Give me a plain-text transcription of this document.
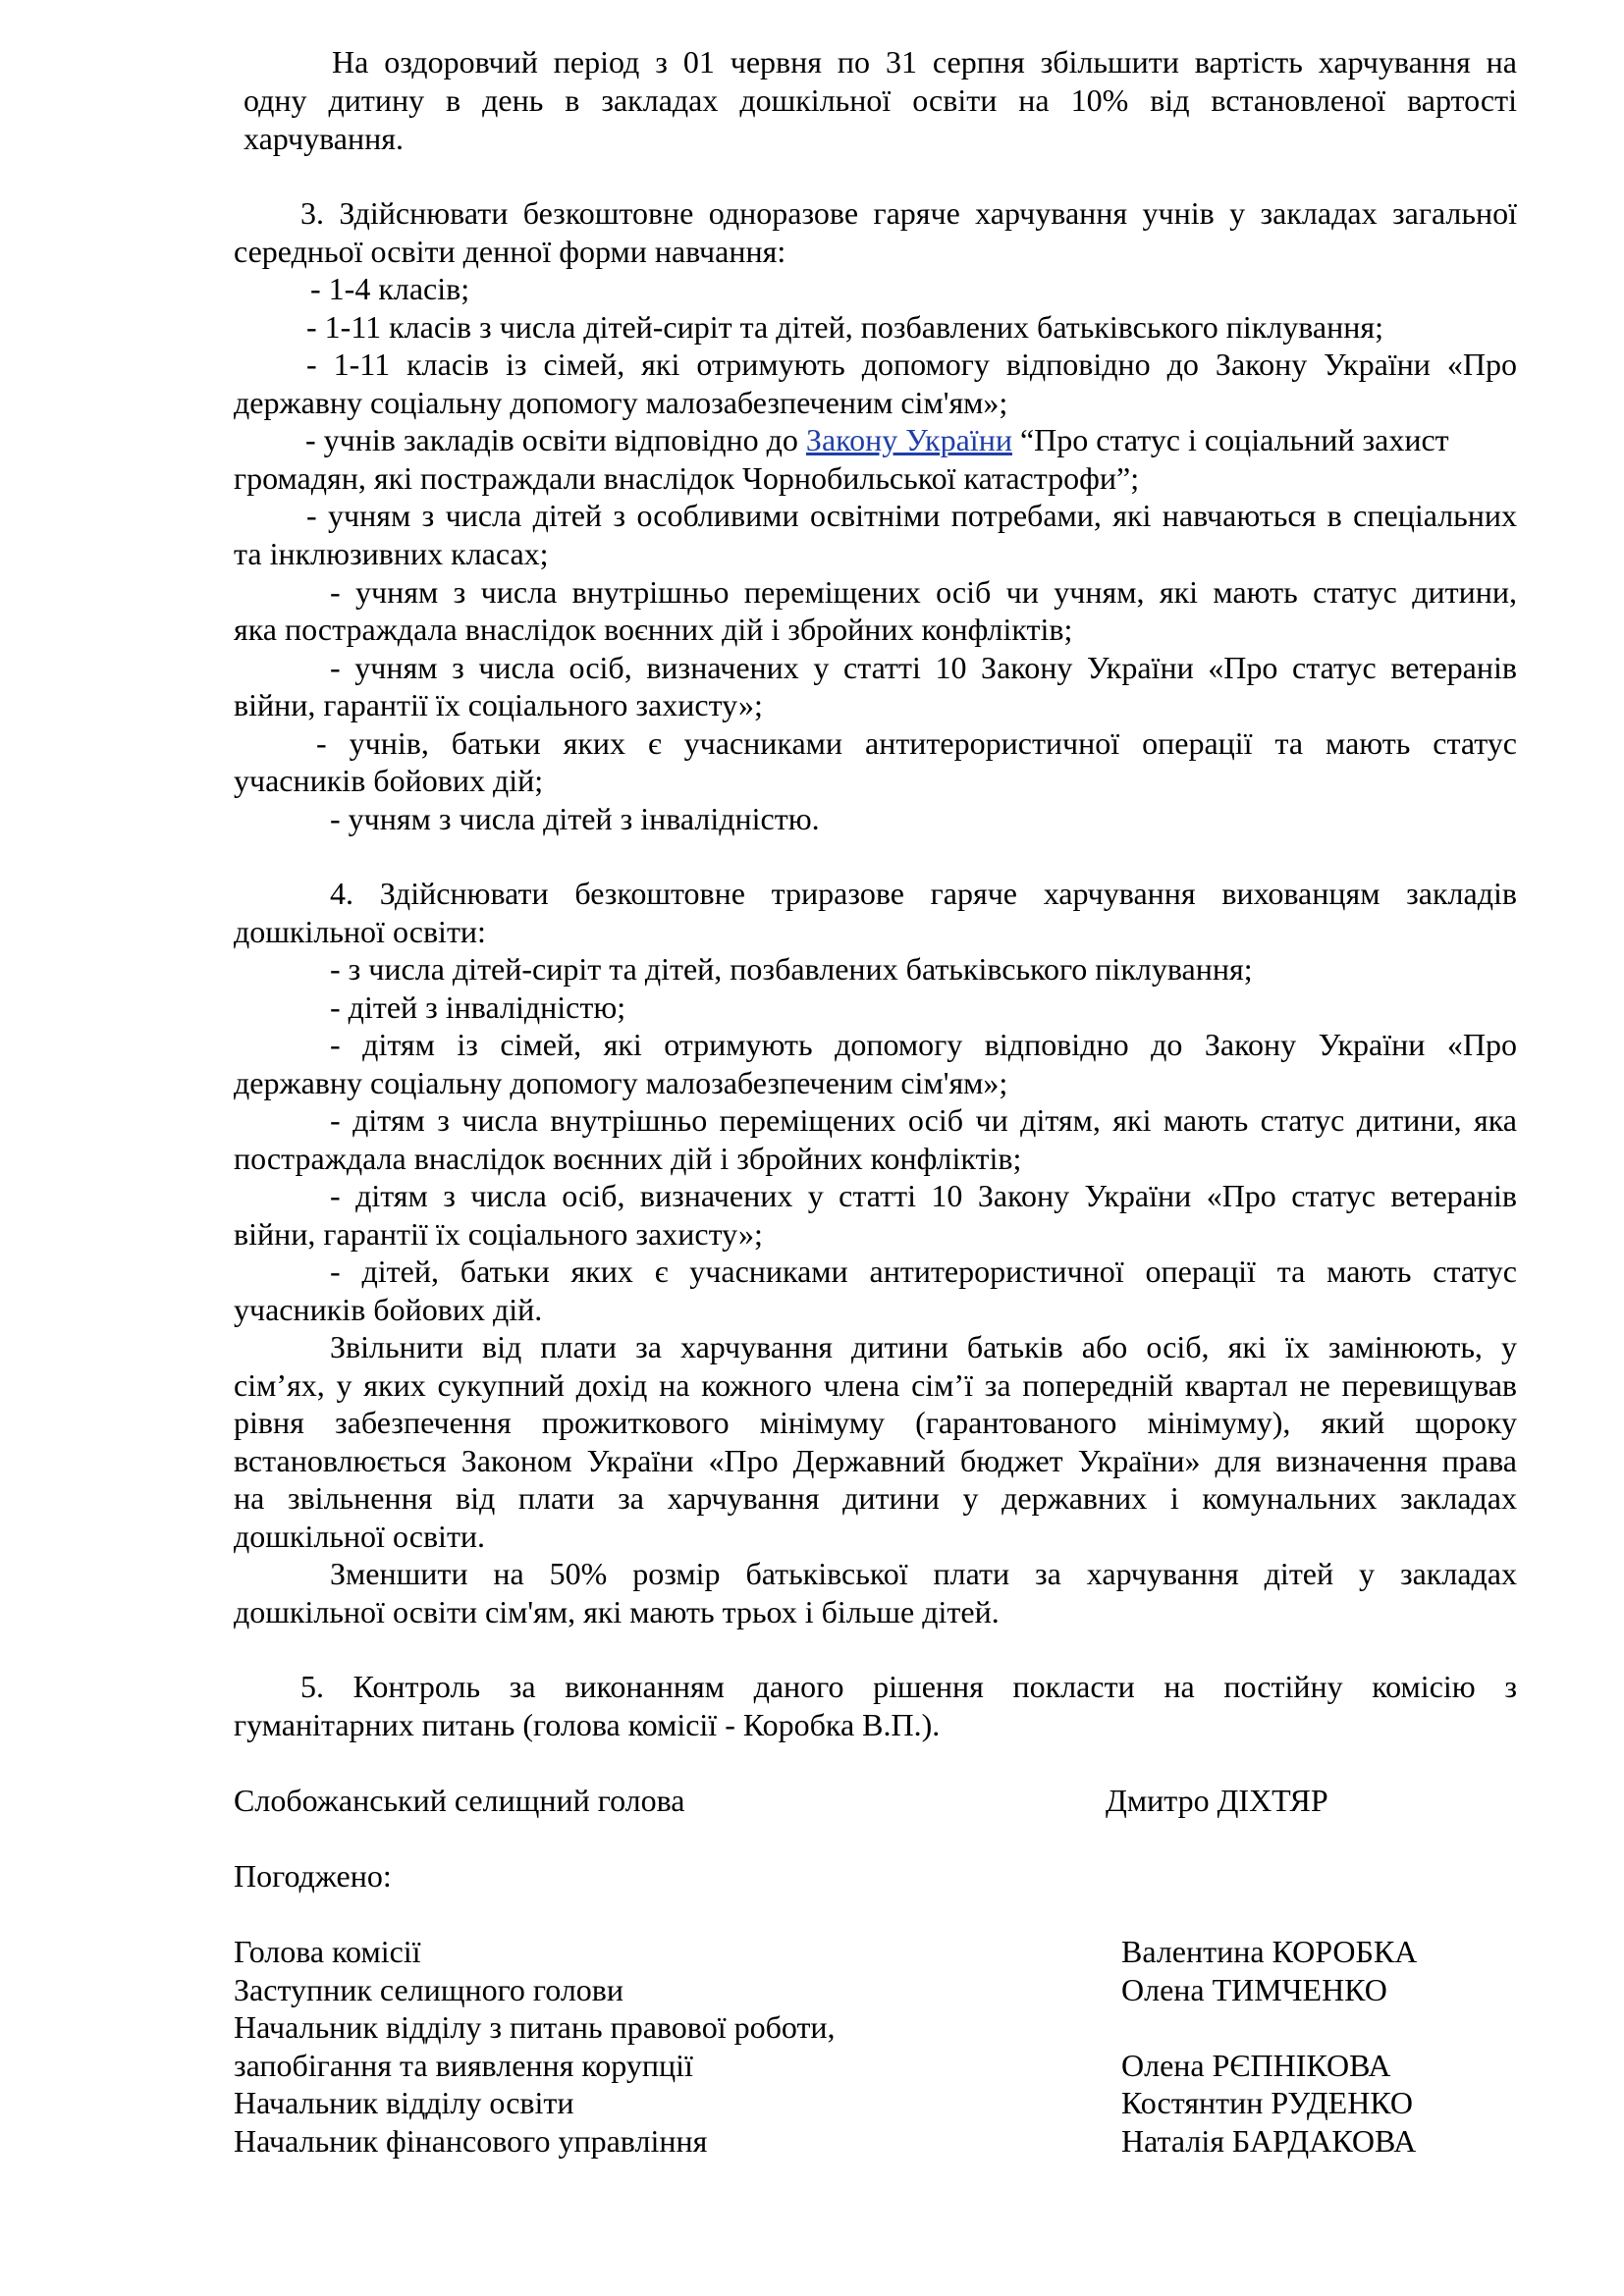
На оздоровчий період з 01 червня по 31 серпня збільшити вартість харчування на
одну дитину в день в закладах дошкільної освіти на 10% від встановленої вартості
харчування.
3. Здійснювати безкоштовне одноразове гаряче харчування учнів у закладах загальної
середньої освіти денної форми навчання:
- 1-4 класів;
- 1-11 класів з числа дітей-сиріт та дітей, позбавлених батьківського піклування;
- 1-11 класів із сімей, які отримують допомогу відповідно до Закону України «Про
державну соціальну допомогу малозабезпеченим сім'ям»;
- учнів закладів освіти відповідно до Закону України “Про статус і соціальний захист
громадян, які постраждали внаслідок Чорнобильської катастрофи”;
- учням з числа дітей з особливими освітніми потребами, які навчаються в спеціальних
та інклюзивних класах;
- учням з числа внутрішньо переміщених осіб чи учням, які мають статус дитини,
яка постраждала внаслідок воєнних дій і збройних конфліктів;
- учням з числа осіб, визначених у статті 10 Закону України «Про статус ветеранів
війни, гарантії їх соціального захисту»;
- учнів, батьки яких є учасниками антитерористичної операції та мають статус
учасників бойових дій;
- учням з числа дітей з інвалідністю.
4. Здійснювати безкоштовне триразове гаряче харчування вихованцям закладів
дошкільної освіти:
- з числа дітей-сиріт та дітей, позбавлених батьківського піклування;
- дітей з інвалідністю;
- дітям із сімей, які отримують допомогу відповідно до Закону України «Про
державну соціальну допомогу малозабезпеченим сім'ям»;
- дітям з числа внутрішньо переміщених осіб чи дітям, які мають статус дитини, яка
постраждала внаслідок воєнних дій і збройних конфліктів;
- дітям з числа осіб, визначених у статті 10 Закону України «Про статус ветеранів
війни, гарантії їх соціального захисту»;
- дітей, батьки яких є учасниками антитерористичної операції та мають статус
учасників бойових дій.
Звільнити від плати за харчування дитини батьків або осіб, які їх замінюють, у
сім’ях, у яких сукупний дохід на кожного члена сім’ї за попередній квартал не перевищував
рівня забезпечення прожиткового мінімуму (гарантованого мінімуму), який щороку
встановлюється Законом України «Про Державний бюджет України» для визначення права
на звільнення від плати за харчування дитини у державних і комунальних закладах
дошкільної освіти.
Зменшити на 50% розмір батьківської плати за харчування дітей у закладах
дошкільної освіти сім'ям, які мають трьох і більше дітей.
5. Контроль за виконанням даного рішення покласти на постійну комісію з
гуманітарних питань (голова комісії - Коробка В.П.).
Слобожанський селищний голова	Дмитро ДІХТЯР
Погоджено:
Голова комісії	Валентина КОРОБКА
Заступник селищного голови	Олена ТИМЧЕНКО
Начальник відділу з питань правової роботи,
запобігання та виявлення корупції	Олена РЄПНІКОВА
Начальник відділу освіти	Костянтин РУДЕНКО
Начальник фінансового управління	Наталія БАРДАКОВА
